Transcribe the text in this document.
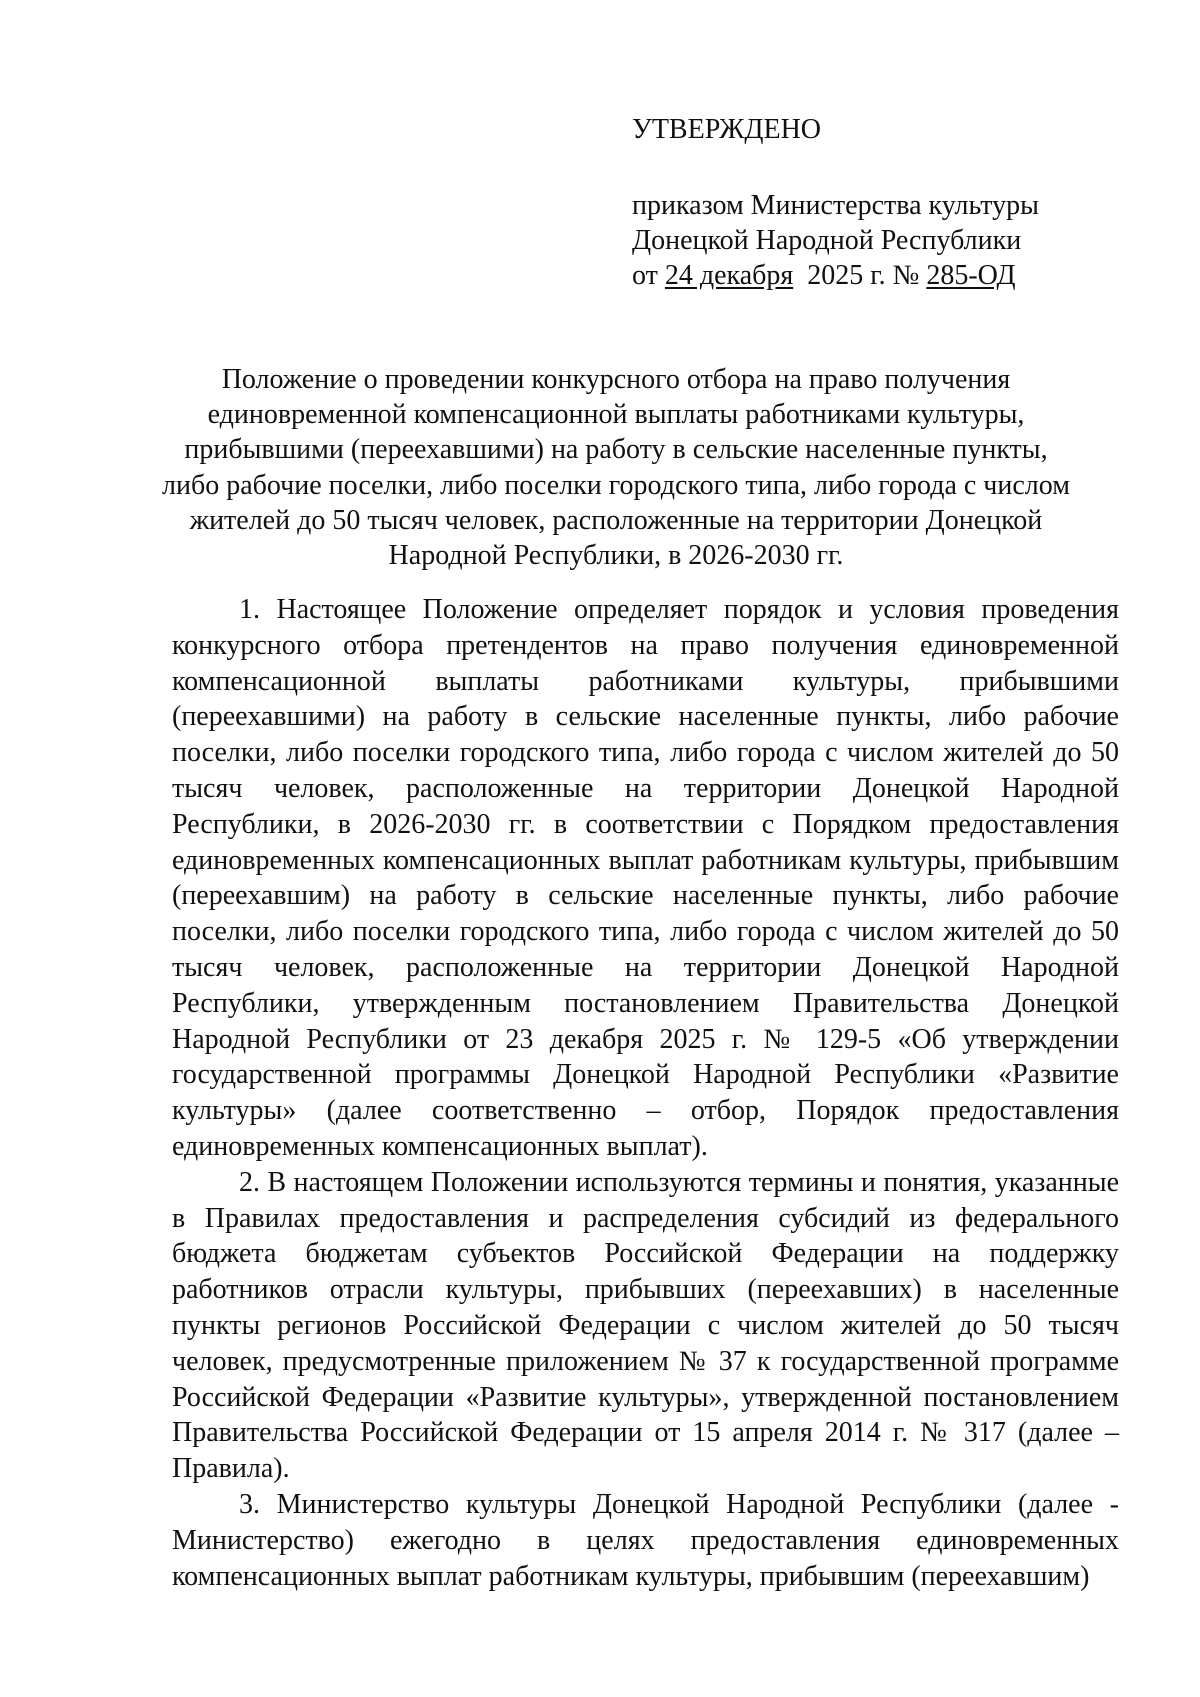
УТВЕРЖДЕНО
приказом Министерства культуры
Донецкой Народной Республики
от 24 декабря  2025 г. № 285-ОД
Положение о проведении конкурсного отбора на право получения единовременной компенсационной выплаты работниками культуры, прибывшими (переехавшими) на работу в сельские населенные пункты, либо рабочие поселки, либо поселки городского типа, либо города с числом жителей до 50 тысяч человек, расположенные на территории Донецкой Народной Республики, в 2026-2030 гг.

1. Настоящее Положение определяет порядок и условия проведения конкурсного отбора претендентов на право получения единовременной компенсационной выплаты работниками культуры, прибывшими (переехавшими) на работу в сельские населенные пункты, либо рабочие поселки, либо поселки городского типа, либо города с числом жителей до 50 тысяч человек, расположенные на территории Донецкой Народной Республики, в 2026-2030 гг. в соответствии с Порядком предоставления единовременных компенсационных выплат работникам культуры, прибывшим (переехавшим) на работу в сельские населенные пункты, либо рабочие поселки, либо поселки городского типа, либо города с числом жителей до 50 тысяч человек, расположенные на территории Донецкой Народной Республики, утвержденным постановлением Правительства Донецкой Народной Республики от 23 декабря 2025 г. № 129-5 «Об утверждении государственной программы Донецкой Народной Республики «Развитие культуры» (далее соответственно – отбор, Порядок предоставления единовременных компенсационных выплат).

2. В настоящем Положении используются термины и понятия, указанные в Правилах предоставления и распределения субсидий из федерального бюджета бюджетам субъектов Российской Федерации на поддержку работников отрасли культуры, прибывших (переехавших) в населенные пункты регионов Российской Федерации с числом жителей до 50 тысяч человек, предусмотренные приложением № 37 к государственной программе Российской Федерации «Развитие культуры», утвержденной постановлением Правительства Российской Федерации от 15 апреля 2014 г. № 317 (далее – Правила).

3. Министерство культуры Донецкой Народной Республики (далее - Министерство) ежегодно в целях предоставления единовременных компенсационных выплат работникам культуры, прибывшим (переехавшим)
